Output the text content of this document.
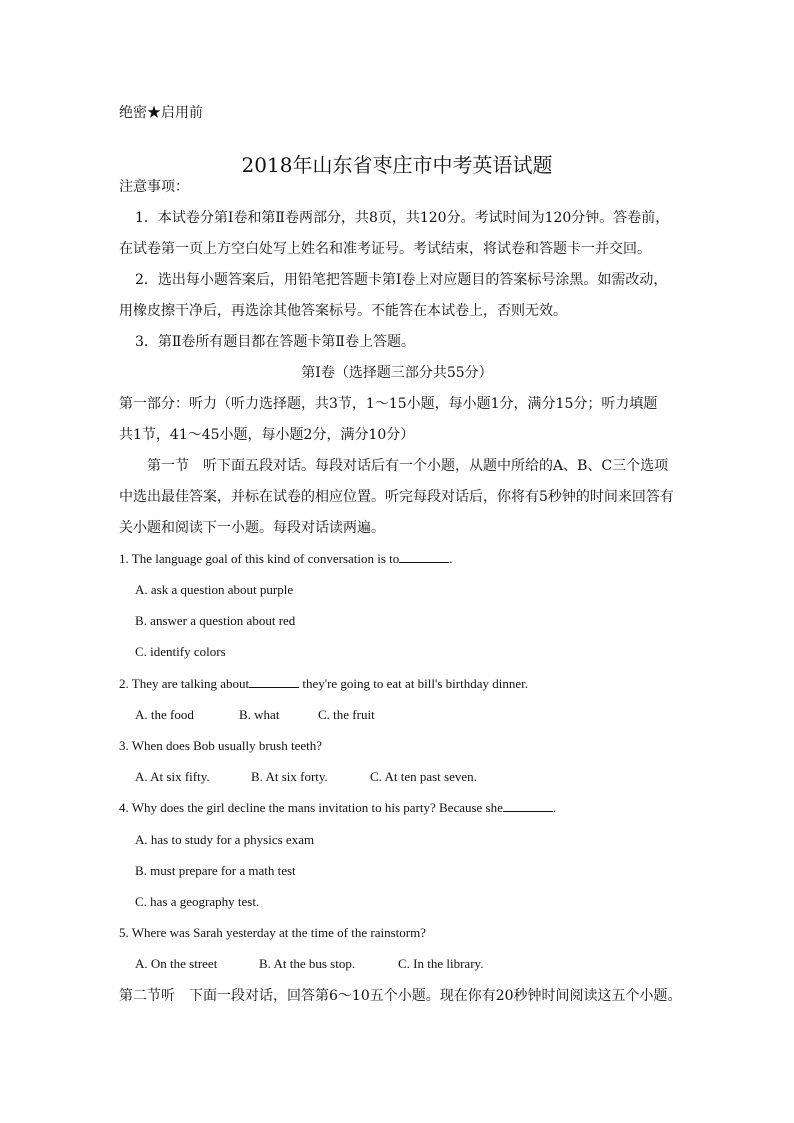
绝密★启用前
2018年山东省枣庄市中考英语试题
注意事项：
1．本试卷分第Ⅰ卷和第Ⅱ卷两部分，共8页，共120分。考试时间为120分钟。答卷前，
在试卷第一页上方空白处写上姓名和准考证号。考试结束，将试卷和答题卡一并交回。
2．选出每小题答案后，用铅笔把答题卡第Ⅰ卷上对应题目的答案标号涂黑。如需改动，
用橡皮擦干净后，再选涂其他答案标号。不能答在本试卷上，否则无效。
3．第Ⅱ卷所有题目都在答题卡第Ⅱ卷上答题。
第Ⅰ卷（选择题三部分共55分）
第一部分：听力（听力选择题，共3节，1～15小题，每小题1分，满分15分；听力填题
共1节，41～45小题，每小题2分，满分10分）
第一节　听下面五段对话。每段对话后有一个小题，从题中所给的A、B、C三个选项
中选出最佳答案，并标在试卷的相应位置。听完每段对话后，你将有5秒钟的时间来回答有
关小题和阅读下一小题。每段对话读两遍。
1. The language goal of this kind of conversation is to	.
A. ask a question about purple
B. answer a question about red
C. identify colors
2. They are talking about	they're going to eat at bill's birthday dinner.
A. the food	B. what	C. the fruit
3. When does Bob usually brush teeth?
A. At six fifty.	B. At six forty.	C. At ten past seven.
4. Why does the girl decline the mans invitation to his party? Because she	.
A. has to study for a physics exam
B. must prepare for a math test
C. has a geography test.
5. Where was Sarah yesterday at the time of the rainstorm?
A. On the street	B. At the bus stop.	C. In the library.
第二节听　下面一段对话，回答第6～10五个小题。现在你有20秒钟时间阅读这五个小题。
